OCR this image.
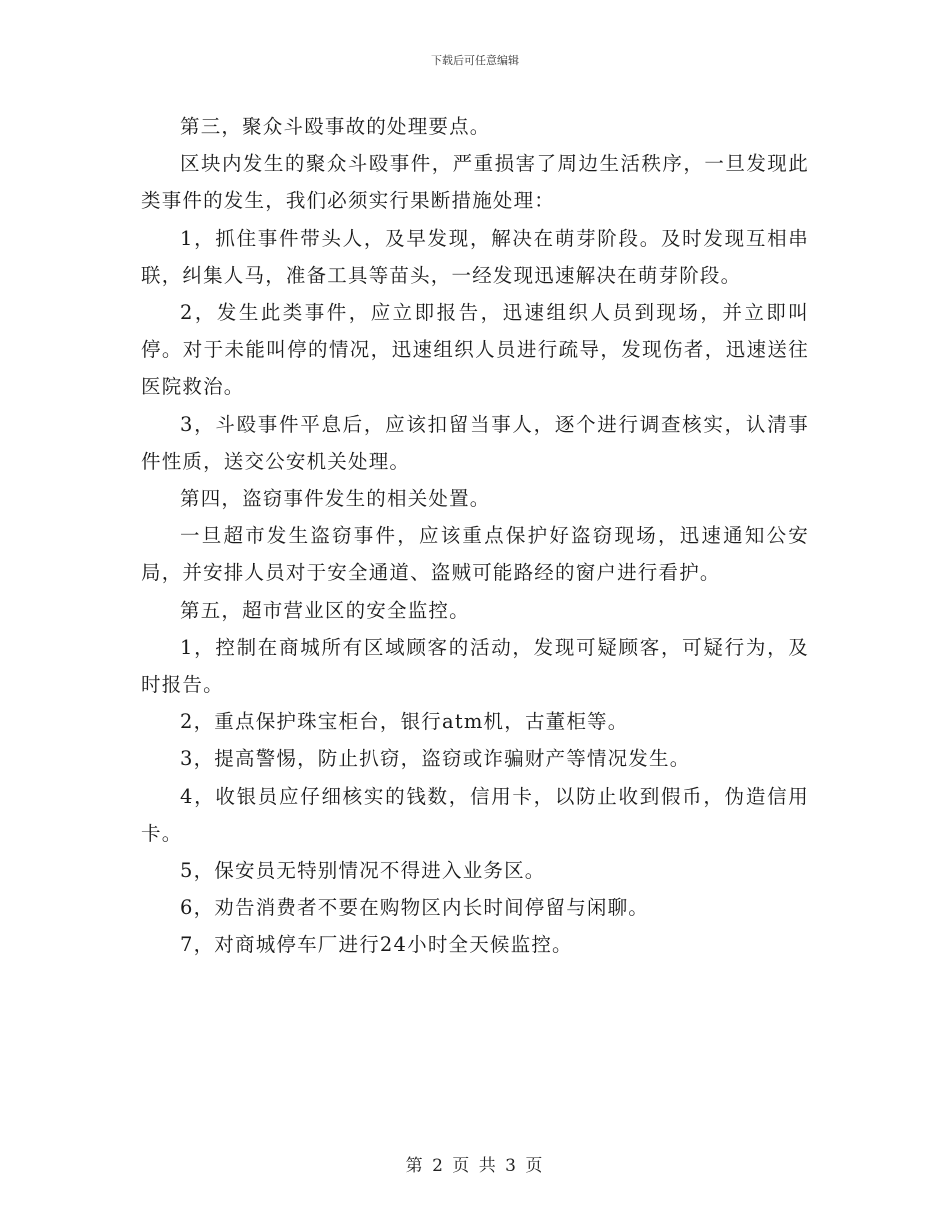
下载后可任意编辑

第三，聚众斗殴事故的处理要点。

区块内发生的聚众斗殴事件，严重损害了周边生活秩序，一旦发现此类事件的发生，我们必须实行果断措施处理：

1，抓住事件带头人，及早发现，解决在萌芽阶段。及时发现互相串联，纠集人马，准备工具等苗头，一经发现迅速解决在萌芽阶段。

2，发生此类事件，应立即报告，迅速组织人员到现场，并立即叫停。对于未能叫停的情况，迅速组织人员进行疏导，发现伤者，迅速送往医院救治。

3，斗殴事件平息后，应该扣留当事人，逐个进行调查核实，认清事件性质，送交公安机关处理。

第四，盗窃事件发生的相关处置。

一旦超市发生盗窃事件，应该重点保护好盗窃现场，迅速通知公安局，并安排人员对于安全通道、盗贼可能路经的窗户进行看护。

第五，超市营业区的安全监控。

1，控制在商城所有区域顾客的活动，发现可疑顾客，可疑行为，及时报告。

2，重点保护珠宝柜台，银行atm机，古董柜等。

3，提高警惕，防止扒窃，盗窃或诈骗财产等情况发生。

4，收银员应仔细核实的钱数，信用卡，以防止收到假币，伪造信用卡。

5，保安员无特别情况不得进入业务区。

6，劝告消费者不要在购物区内长时间停留与闲聊。

7，对商城停车厂进行24小时全天候监控。

第 2 页 共 3 页
